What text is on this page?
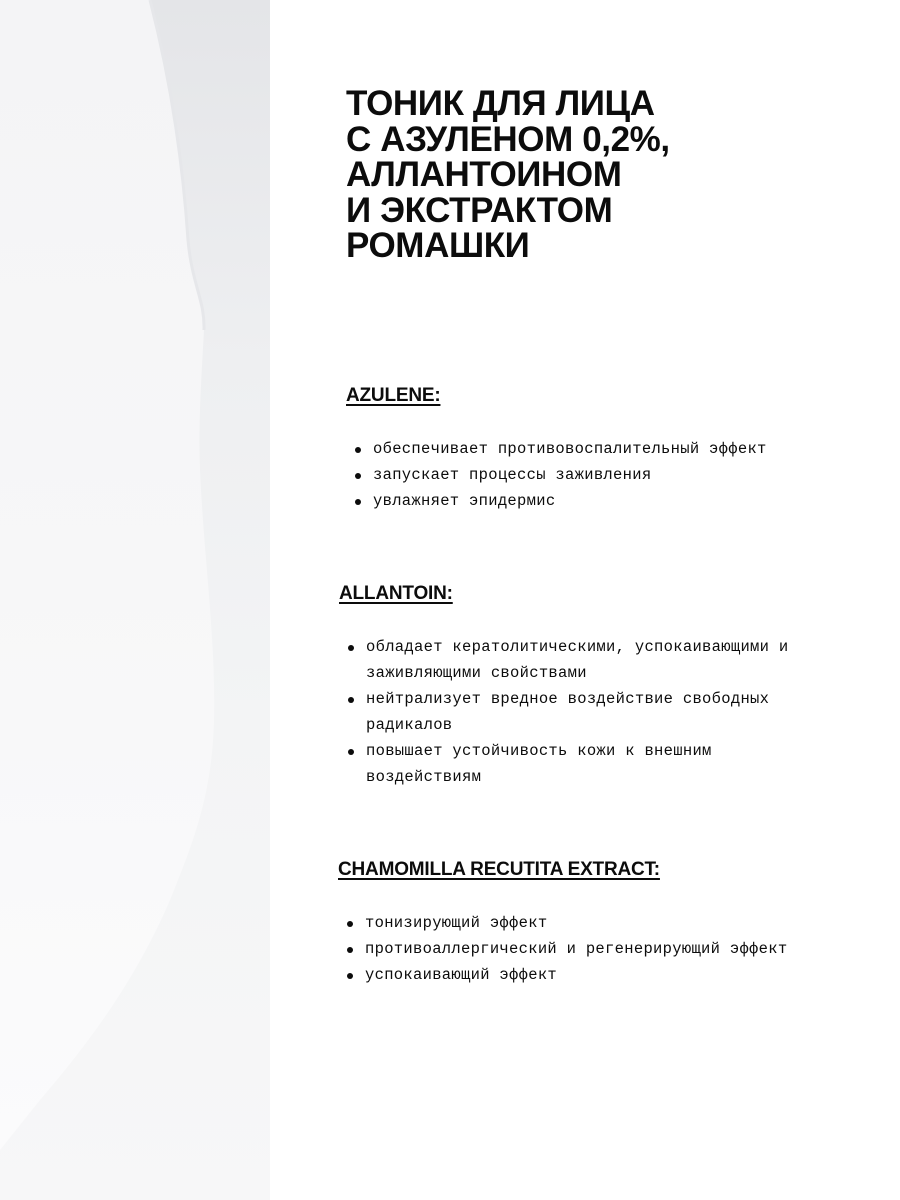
ТОНИК ДЛЯ ЛИЦА
С АЗУЛЕНОМ 0,2%,
АЛЛАНТОИНОМ
И ЭКСТРАКТОМ
РОМАШКИ
AZULENE:
обеспечивает противовоспалительный эффект
запускает процессы заживления
увлажняет эпидермис
ALLANTOIN:
обладает кератолитическими, успокаивающими и заживляющими свойствами
нейтрализует вредное воздействие свободных радикалов
повышает устойчивость кожи к внешним воздействиям
CHAMOMILLA RECUTITA EXTRACT:
тонизирующий эффект
противоаллергический и регенерирующий эффект
успокаивающий эффект
